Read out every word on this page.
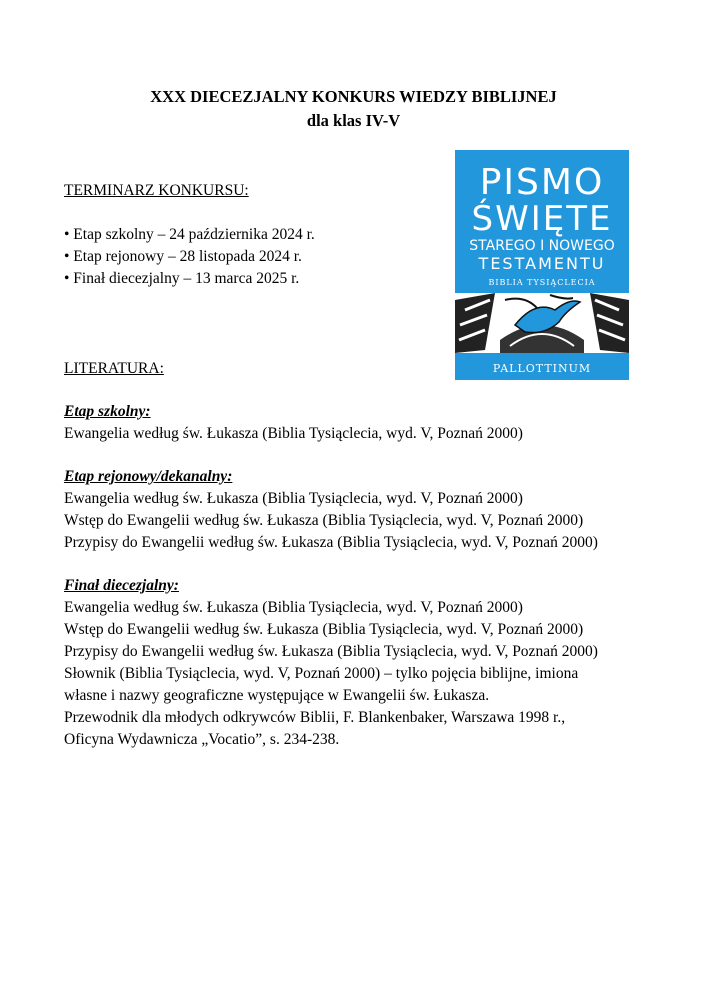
XXX DIECEZJALNY KONKURS WIEDZY BIBLIJNEJ
dla klas IV-V
TERMINARZ KONKURSU:
• Etap szkolny – 24 października 2024 r.
• Etap rejonowy – 28 listopada 2024 r.
• Finał diecezjalny – 13 marca 2025 r.
LITERATURA:
Etap szkolny:
Ewangelia według św. Łukasza (Biblia Tysiąclecia, wyd. V, Poznań 2000)
Etap rejonowy/dekanalny:
Ewangelia według św. Łukasza (Biblia Tysiąclecia, wyd. V, Poznań 2000)
Wstęp do Ewangelii według św. Łukasza (Biblia Tysiąclecia, wyd. V, Poznań 2000)
Przypisy do Ewangelii według św. Łukasza (Biblia Tysiąclecia, wyd. V, Poznań 2000)
Finał diecezjalny:
Ewangelia według św. Łukasza (Biblia Tysiąclecia, wyd. V, Poznań 2000)
Wstęp do Ewangelii według św. Łukasza (Biblia Tysiąclecia, wyd. V, Poznań 2000)
Przypisy do Ewangelii według św. Łukasza (Biblia Tysiąclecia, wyd. V, Poznań 2000)
Słownik (Biblia Tysiąclecia, wyd. V, Poznań 2000) – tylko pojęcia biblijne, imiona
własne i nazwy geograficzne występujące w Ewangelii św. Łukasza.
Przewodnik dla młodych odkrywców Biblii, F. Blankenbaker, Warszawa 1998 r.,
Oficyna Wydawnicza „Vocatio”, s. 234-238.
PISMO
ŚWIĘTE
STAREGO I NOWEGO
TESTAMENTU
BIBLIA TYSIĄCLECIA
PALLOTTINUM
